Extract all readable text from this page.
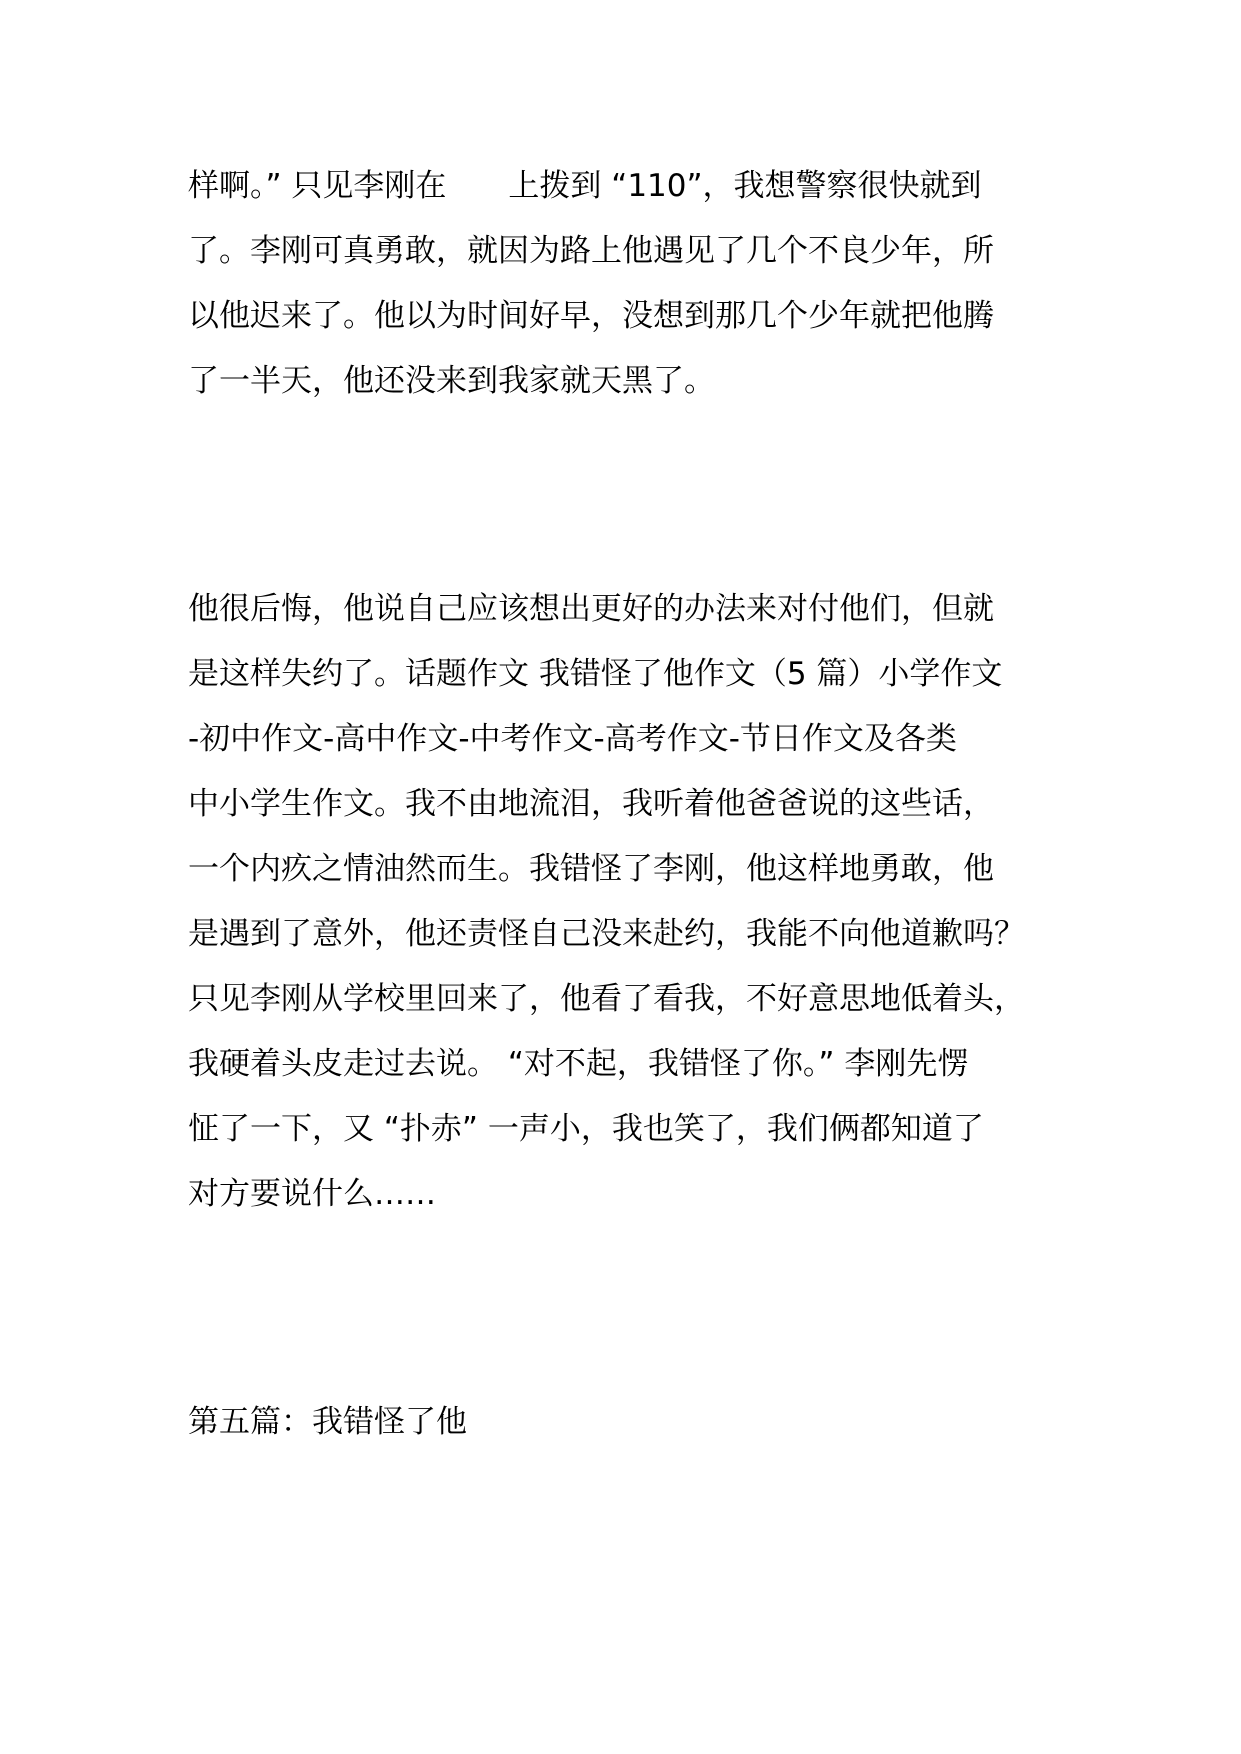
样啊。” 只见李刚在　　上拨到 “110”，我想警察很快就到
了。李刚可真勇敢，就因为路上他遇见了几个不良少年，所
以他迟来了。他以为时间好早，没想到那几个少年就把他腾
了一半天，他还没来到我家就天黑了。
他很后悔，他说自己应该想出更好的办法来对付他们，但就
是这样失约了。话题作文 我错怪了他作文（5 篇）小学作文
-初中作文-高中作文-中考作文-高考作文-节日作文及各类
中小学生作文。我不由地流泪，我听着他爸爸说的这些话，
一个内疚之情油然而生。我错怪了李刚，他这样地勇敢，他
是遇到了意外，他还责怪自己没来赴约，我能不向他道歉吗？
只见李刚从学校里回来了，他看了看我，不好意思地低着头，
我硬着头皮走过去说。 “对不起，我错怪了你。” 李刚先愣
怔了一下，又 “扑赤” 一声小，我也笑了，我们俩都知道了
对方要说什么……
第五篇：我错怪了他
